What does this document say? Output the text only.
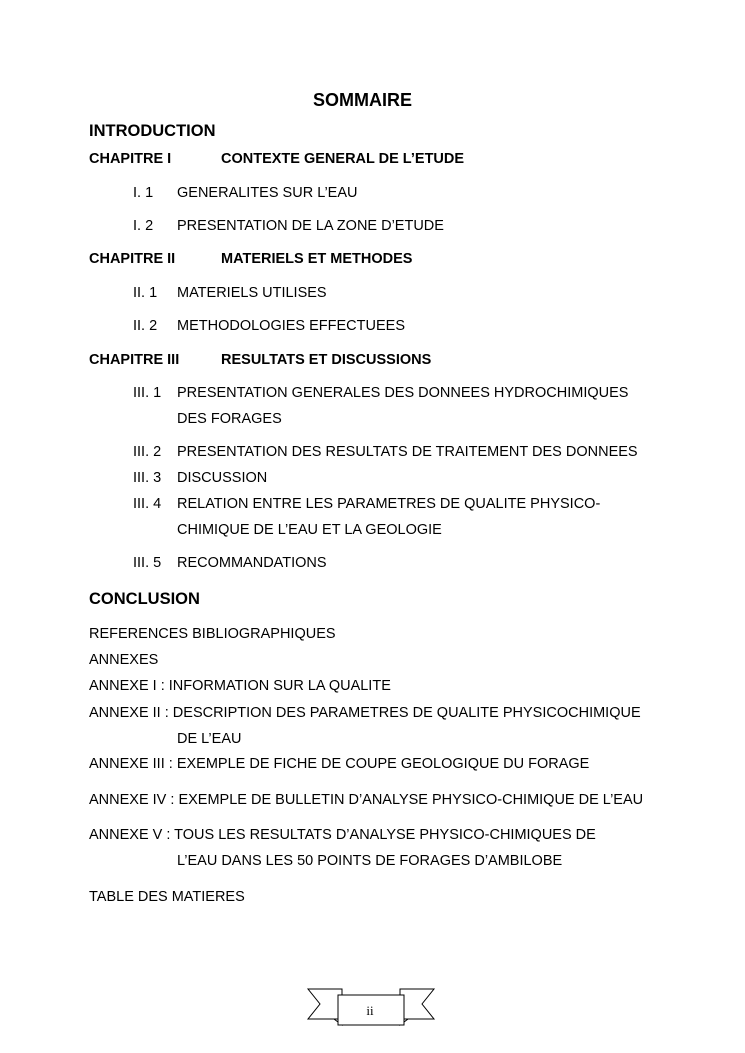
SOMMAIRE
INTRODUCTION
CHAPITRE I	CONTEXTE GENERAL DE L’ETUDE
I. 1 GENERALITES SUR L’EAU
I. 2 PRESENTATION DE LA ZONE D’ETUDE
CHAPITRE II	MATERIELS ET METHODES
II. 1 MATERIELS UTILISES
II. 2 METHODOLOGIES EFFECTUEES
CHAPITRE III	RESULTATS ET DISCUSSIONS
III. 1 PRESENTATION GENERALES DES DONNEES HYDROCHIMIQUES
DES FORAGES
III. 2 PRESENTATION DES RESULTATS DE TRAITEMENT DES DONNEES
III. 3 DISCUSSION
III. 4 RELATION ENTRE LES PARAMETRES DE QUALITE PHYSICO-
CHIMIQUE DE L’EAU ET LA GEOLOGIE
III. 5 RECOMMANDATIONS
CONCLUSION
REFERENCES BIBLIOGRAPHIQUES
ANNEXES
ANNEXE I : INFORMATION SUR LA QUALITE
ANNEXE II : DESCRIPTION DES PARAMETRES DE QUALITE PHYSICOCHIMIQUE
DE L’EAU
ANNEXE III : EXEMPLE DE FICHE DE COUPE GEOLOGIQUE DU FORAGE
ANNEXE IV : EXEMPLE DE BULLETIN D’ANALYSE PHYSICO-CHIMIQUE DE L’EAU
ANNEXE V : TOUS LES RESULTATS D’ANALYSE PHYSICO-CHIMIQUES DE
L’EAU DANS LES 50 POINTS DE FORAGES D’AMBILOBE
TABLE DES MATIERES
ii
